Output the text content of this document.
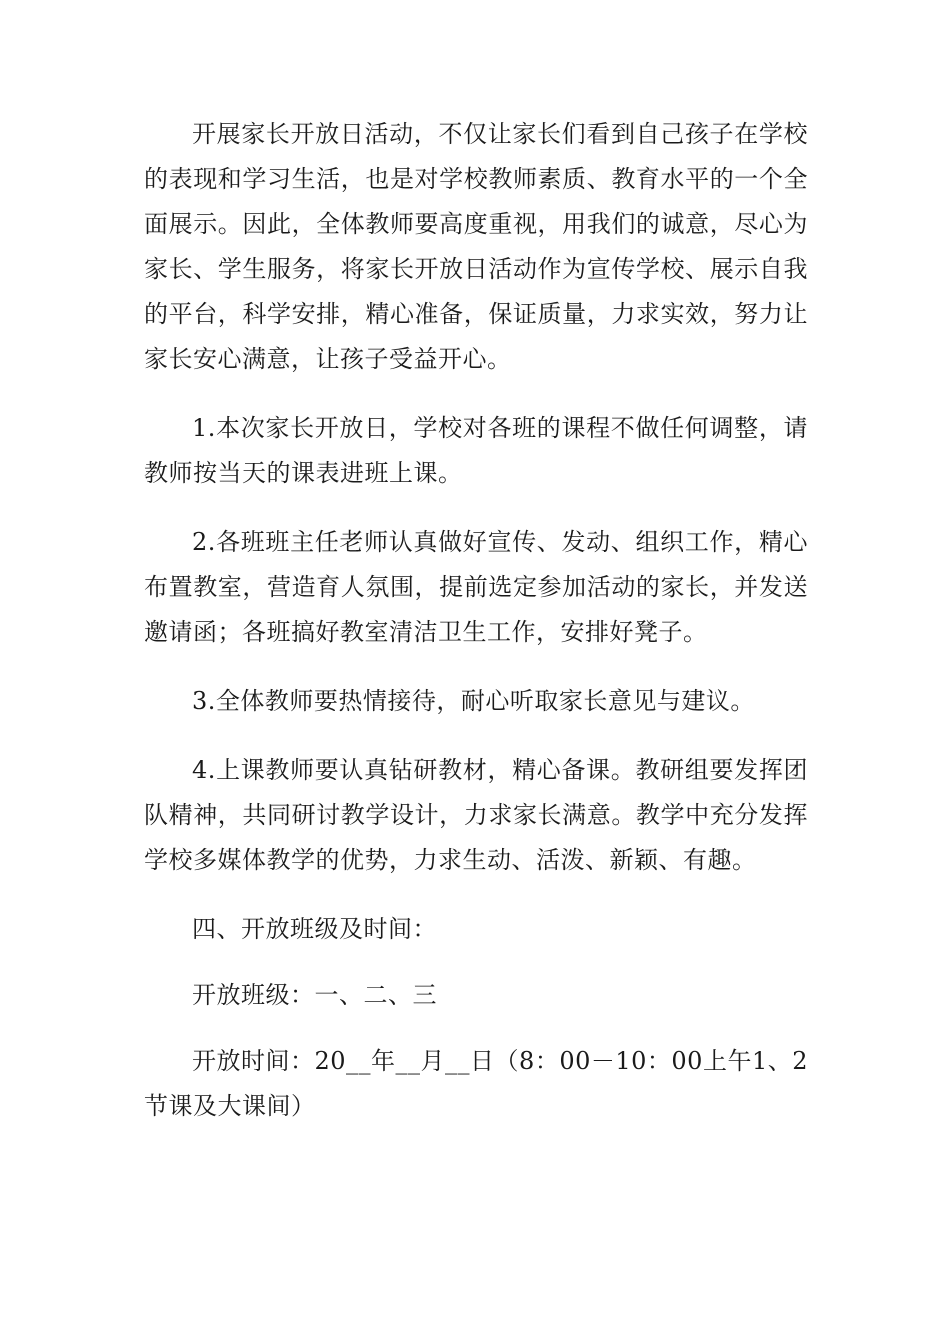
开展家长开放日活动，不仅让家长们看到自己孩子在学校的表现和学习生活，也是对学校教师素质、教育水平的一个全面展示。因此，全体教师要高度重视，用我们的诚意，尽心为家长、学生服务，将家长开放日活动作为宣传学校、展示自我的平台，科学安排，精心准备，保证质量，力求实效，努力让家长安心满意，让孩子受益开心。

1.本次家长开放日，学校对各班的课程不做任何调整，请教师按当天的课表进班上课。

2.各班班主任老师认真做好宣传、发动、组织工作，精心布置教室，营造育人氛围，提前选定参加活动的家长，并发送邀请函；各班搞好教室清洁卫生工作，安排好凳子。

3.全体教师要热情接待，耐心听取家长意见与建议。

4.上课教师要认真钻研教材，精心备课。教研组要发挥团队精神，共同研讨教学设计，力求家长满意。教学中充分发挥学校多媒体教学的优势，力求生动、活泼、新颖、有趣。

四、开放班级及时间：

开放班级：一、二、三

开放时间：20__年__月__日（8：00－10：00上午1、2节课及大课间）
